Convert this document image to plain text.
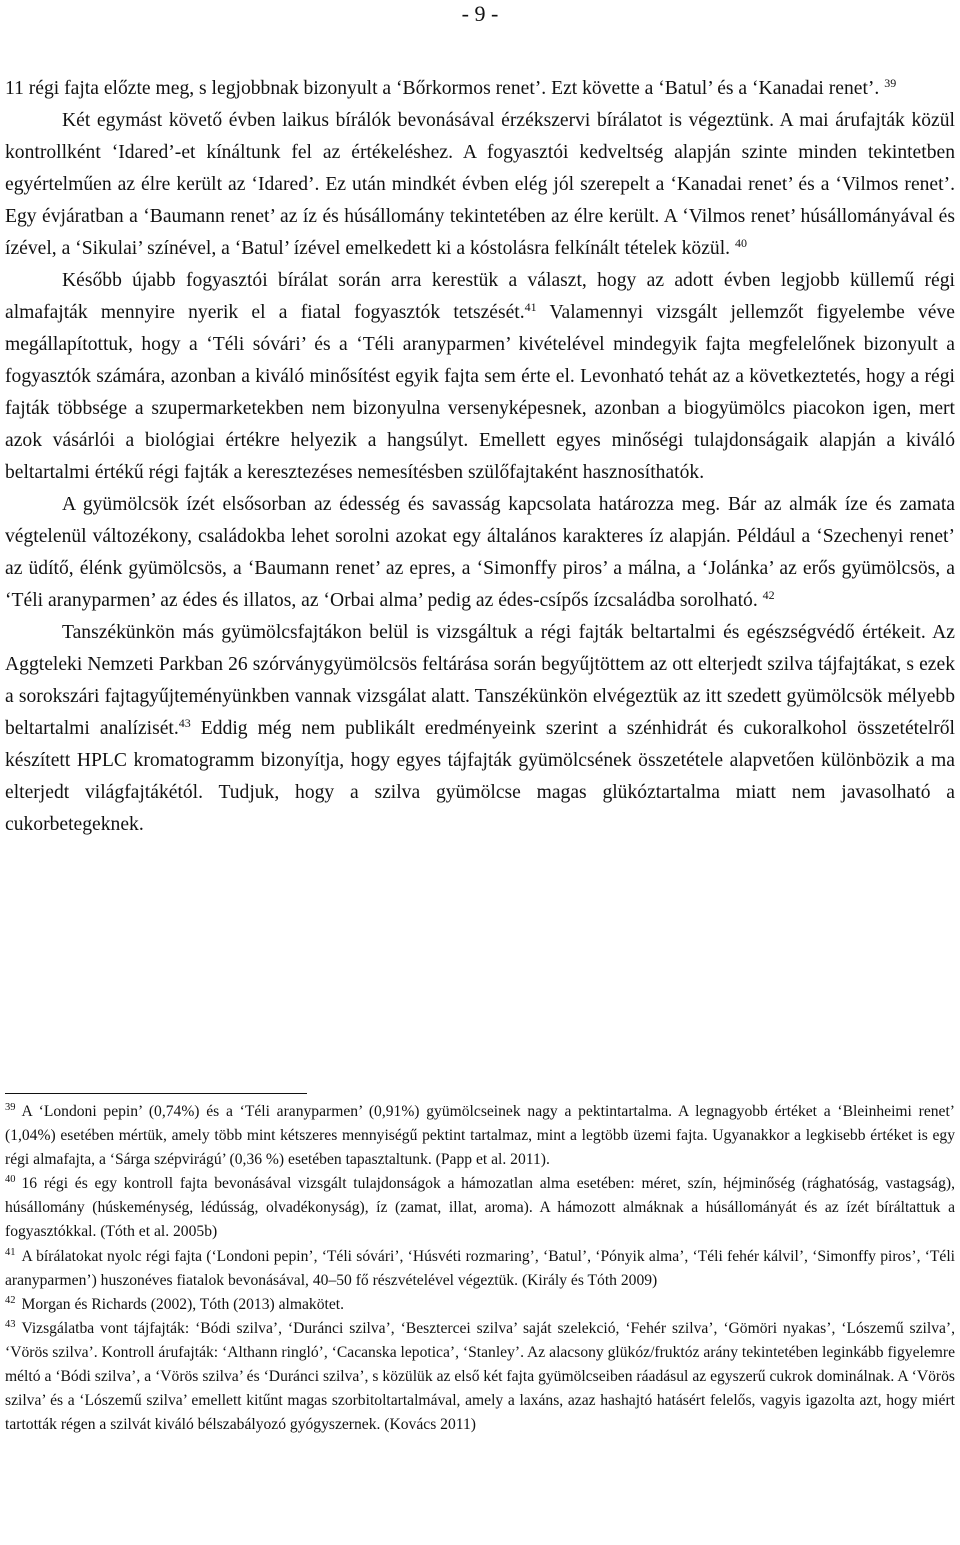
- 9 -

11 régi fajta előzte meg, s legjobbnak bizonyult a ‘Bőrkormos renet’. Ezt követte a ‘Batul’ és a ‘Kanadai renet’. $^{39}$

Két egymást követő évben laikus bírálók bevonásával érzékszervi bírálatot is végeztünk. A mai árufajták közül kontrollként ‘Idared’-et kínáltunk fel az értékeléshez. A fogyasztói kedveltség alapján szinte minden tekintetben egyértelműen az élre került az ‘Idared’. Ez után mindkét évben elég jól szerepelt a ‘Kanadai renet’ és a ‘Vilmos renet’. Egy évjáratban a ‘Baumann renet’ az íz és húsállomány tekintetében az élre került. A ‘Vilmos renet’ húsállományával és ízével, a ‘Sikulai’ színével, a ‘Batul’ ízével emelkedett ki a kóstolásra felkínált tételek közül. $^{40}$

Később újabb fogyasztói bírálat során arra kerestük a választ, hogy az adott évben legjobb küllemű régi almafajták mennyire nyerik el a fiatal fogyasztók tetszését.$^{41}$ Valamennyi vizsgált jellemzőt figyelembe véve megállapítottuk, hogy a ‘Téli sóvári’ és a ‘Téli aranyparmen’ kivételével mindegyik fajta megfelelőnek bizonyult a fogyasztók számára, azonban a kiváló minősítést egyik fajta sem érte el. Levonható tehát az a következtetés, hogy a régi fajták többsége a szupermarketekben nem bizonyulna versenyképesnek, azonban a biogyümölcs piacokon igen, mert azok vásárlói a biológiai értékre helyezik a hangsúlyt. Emellett egyes minőségi tulajdonságaik alapján a kiváló beltartalmi értékű régi fajták a keresztezéses nemesítésben szülőfajtaként hasznosíthatók.

A gyümölcsök ízét elsősorban az édesség és savasság kapcsolata határozza meg. Bár az almák íze és zamata végtelenül változékony, családokba lehet sorolni azokat egy általános karakteres íz alapján. Például a ‘Szechenyi renet’ az üdítő, élénk gyümölcsös, a ‘Baumann renet’ az epres, a ‘Simonffy piros’ a málna, a ‘Jolánka’ az erős gyümölcsös, a ‘Téli aranyparmen’ az édes és illatos, az ‘Orbai alma’ pedig az édes-csípős ízcsaládba sorolható. $^{42}$

Tanszékünkön más gyümölcsfajtákon belül is vizsgáltuk a régi fajták beltartalmi és egészségvédő értékeit. Az Aggteleki Nemzeti Parkban 26 szórványgyümölcsös feltárása során begyűjtöttem az ott elterjedt szilva tájfajtákat, s ezek a sorokszári fajtagyűjteményünkben vannak vizsgálat alatt. Tanszékünkön elvégeztük az itt szedett gyümölcsök mélyebb beltartalmi analízisét.$^{43}$ Eddig még nem publikált eredményeink szerint a szénhidrát és cukoralkohol összetételről készített HPLC kromatogramm bizonyítja, hogy egyes tájfajták gyümölcsének összetétele alapvetően különbözik a ma elterjedt világfajtákétól. Tudjuk, hogy a szilva gyümölcse magas glükóztartalma miatt nem javasolható a cukorbetegeknek.

$^{39}$ A ‘Londoni pepin’ (0,74%) és a ‘Téli aranyparmen’ (0,91%) gyümölcseinek nagy a pektintartalma. A legnagyobb értéket a ‘Bleinheimi renet’ (1,04%) esetében mértük, amely több mint kétszeres mennyiségű pektint tartalmaz, mint a legtöbb üzemi fajta. Ugyanakkor a legkisebb értéket is egy régi almafajta, a ‘Sárga szépvirágú’ (0,36 %) esetében tapasztaltunk. (Papp et al. 2011).

$^{40}$ 16 régi és egy kontroll fajta bevonásával vizsgált tulajdonságok a hámozatlan alma esetében: méret, szín, héjminőség (rághatóság, vastagság), húsállomány (húskeménység, lédússág, olvadékonyság), íz (zamat, illat, aroma). A hámozott almáknak a húsállományát és az ízét bíráltattuk a fogyasztókkal. (Tóth et al. 2005b)

$^{41}$ A bírálatokat nyolc régi fajta (‘Londoni pepin’, ‘Téli sóvári’, ‘Húsvéti rozmaring’, ‘Batul’, ‘Pónyik alma’, ‘Téli fehér kálvil’, ‘Simonffy piros’, ‘Téli aranyparmen’) huszonéves fiatalok bevonásával, 40–50 fő részvételével végeztük. (Király és Tóth 2009)

$^{42}$ Morgan és Richards (2002), Tóth (2013) almakötet.

$^{43}$ Vizsgálatba vont tájfajták: ‘Bódi szilva’, ‘Duránci szilva’, ‘Besztercei szilva’ saját szelekció, ‘Fehér szilva’, ‘Gömöri nyakas’, ‘Lószemű szilva’, ‘Vörös szilva’. Kontroll árufajták: ‘Althann ringló’, ‘Cacanska lepotica’, ‘Stanley’. Az alacsony glükóz/fruktóz arány tekintetében leginkább figyelemre méltó a ‘Bódi szilva’, a ‘Vörös szilva’ és ‘Duránci szilva’, s közülük az első két fajta gyümölcseiben ráadásul az egyszerű cukrok dominálnak. A ‘Vörös szilva’ és a ‘Lószemű szilva’ emellett kitűnt magas szorbitoltartalmával, amely a laxáns, azaz hashajtó hatásért felelős, vagyis igazolta azt, hogy miért tartották régen a szilvát kiváló bélszabályozó gyógyszernek. (Kovács 2011)
